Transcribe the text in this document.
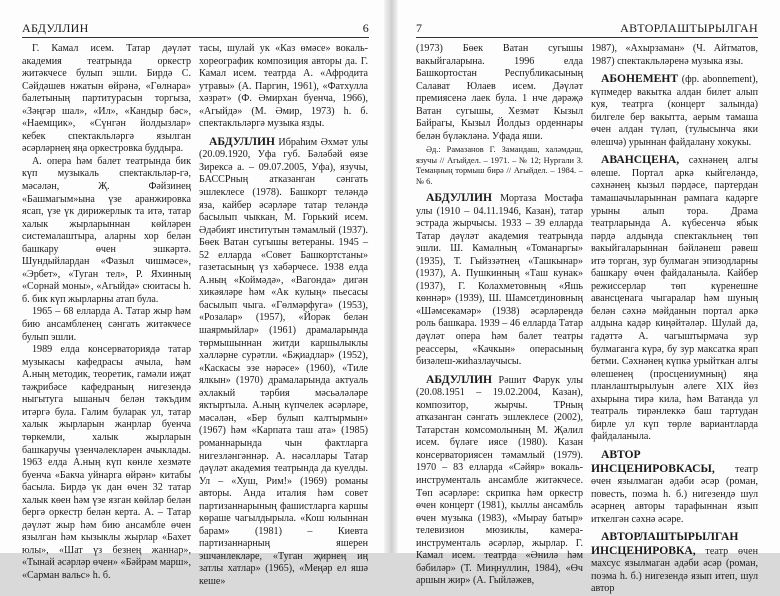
АБДУЛЛИН	6

Г. Камал исем. Татар дәүләт академия театрында оркестр житәкчесе булып эшли. Бирдә С. Сәйдәшев нжатын өйрәнә, «Гөлнара» балетының партитурасын торгыза, «Зәңгәр шал», «Ил», «Кандыр бәс», «Наемщик», «Сүнгән йолдызлар» кебек спектакльләргә язылган әсәрләрнең яңа оркестровка буддыра.

А. опера һәм балет театрында бик күп музыкаль спектакльләр-гә, мәсәлән, Җ. Фәйзинең «Башмагым»ына үзе аранжировка ясап, үзе үк дирижерлык та итә, татар халык жырларыннан көйләрен системалаштыра, аларны хор белән башкару өчен эшкәртә. Шундыйлардан «Фазыл чишмәсе», «Эрбет», «Туган тел», Р. Яхинның «Сорнай моны», «Агыйдә» сюитасы һ. б. бик күп жырларны атап була.

1965 – 68 елларда А. Татар жыр һәм бию ансамбленең сәнгать житәкчесе булып эшли.

1989 елда консерваториядә татар музыкасы кафедрасы ачыла, һәм А.ның методик, теоретик, гамәли иҗат тәҗрибәсе кафедраның нигезендә ныгытуга ышаныч белән тәкъдим итәргә була. Галим буларак ул, татар халык жырларын жанрлар буенча төркемли, халык жырларын башкаручы үзенчәлекләрен ачыклады. 1963 елда А.ның күп көнле хезмәте буенча «Бакча уйнарга өйрән» китабы басыла. Бирдә үк дан өчен 32 татар халык көен һәм үзе язган көйләр белән бергә оркестр белән керта. А. – Татар дәүләт жыр һәм бию ансамбле өчен язылган һәм кызыклы жырлар «Бахет юлы», «Шат үз безнең жаннар», «Тынай әсәрләр өчен» «Бәйрәм марш», «Сарман вальс» һ. б.

тасы, шулай ук «Каз өмәсе» вокаль-хореографик композиция авторы да. Г. Камал исем. театрда А. «Афродита утравы» (А. Паргин, 1961), «Фатхулла хәзрәт» (Ф. Әмирхан буенча, 1966), «Агыйдә» (М. Әмир, 1973) һ. б. спектакльләргә музыка язды.

АБДУЛЛИН Ибраһим Әхмәт улы (20.09.1920, Уфа губ. Бәләбәй өязе Зирексә а. – 09.07.2005, Уфа), язучы, БАССРның атказанган сәнгать эшлеклесе (1978). Башкорт теләндә яза, кайбер әсәрләре татар теләндә басылып чыккан, М. Горький исем. Әдәбият институтын тәмамлый (1937). Бөек Ватан сугышы ветераны. 1945 – 52 елларда «Совет Башкортстаны» газетасының үз хәбәрчесе. 1938 елда А.ның «Коймәдә», «Вагонда» дигән хикәяләре һәм «Ак кулың» пьесасы басылып чыга. «Гөлмәрфуга» (1953), «Розалар» (1957), «Йорәк белән шаярмыйлар» (1961) драмаларында төрмышыннан житди каршылыклы хәлләрне сурәтли. «Бҗиадлар» (1952), «Каскасы эзе нәрәсе» (1960), «Тиле ялкын» (1970) драмаларында актуаль әхлакый тәрбия мәсьәләләре яктыртыла. А.ның күпчелек әсәрләре, мәсәлән, «Бер булып калтырмын» (1967) һәм «Карпата таш ата» (1985) романнарында чын фактларга нигезләнгәннәр. А. нәсәллары Татар дәүләт академия театрында да куелды. Ул – «Хуш, Рим!» (1969) романы авторы. Анда италия һәм совет партизаннарының фашистларга каршы көраше чагылдырыла. «Кош юлыннан барам» (1981) – Киевта партизаннарның яшерен эшчәнлекләре, «Туган җирнең иң затлы хатлар» (1965), «Меңәр ел яшә кеше»

7	АВТОРЛАШТЫРЫЛГАН

(1973) Бөек Ватан сугышы вакыйгаларына. 1996 елда Башкортостан Республикасының Салават Юлаев исем. Дәүләт премиясенә лаек була. 1 нче дәрәҗә Ватан сугышы, Хезмәт Кызыл Байрагы, Кызыл Йолдыз орденнары белән бүләкләнә. Уфада яши.

Әд.: Рамазанов Г. Замандаш, халәмдәш, язучы // Агыйдел. – 1971. – № 12; Нургали З. Темаңның тормыш бирә // Агыйдел. – 1984. – № 6.

АБДУЛЛИН Мортаза Мостафа улы (1910 – 04.11.1946, Казан), татар эстрада жырчысы. 1933 – 39 елларда Татар дәүләт академия театрында эшли. Ш. Камалның «Томанаргы» (1935), Т. Гыйззәтнең «Ташкынар» (1937), А. Пушкинның «Таш кунак» (1937), Г. Колахметовның «Яшь көннәр» (1939), Ш. Шамсетдиновның «Шәмсекамәр» (1938) әсәрләрендә роль башкара. 1939 – 46 елларда Татар дәүләт опера һәм балет театры реассеры, «Качкын» операсының бизәлеш-жиһазлаучысы.

АБДУЛЛИН Рәшит Фарук улы (20.08.1951 – 19.02.2004, Казан), композитор, жырчы. ТРның атказанган сәнгать эшлеклесе (2002), Татарстан комсомолының М. Җәлил исем. бүләге иясе (1980). Казан консерваториясен тәмамлый (1979). 1970 – 83 елларда «Сәйяр» вокаль-инструменталь ансамбле житәкчесе. Төп әсәрләре: скрипка һәм оркестр өчен концерт (1981), кыллы ансамбль өчен музыка (1983), «Мырау батыр» телевизион мюзиклы, камера-инструменталь әсәрләр, жырлар. Г. Камал исем. театрда «Әнилә һәм бәбиләр» (Т. Миңнуллин, 1984), «Өч аршын жир» (А. Гыйләжев,

1987), «Ахырзаман» (Ч. Айтматов, 1987) спектакльләренә музыка язы.

АБОНЕМЕНТ (фр. abonnement), күпмедер вакытка алдан билет алып куя, театрга (концерт залында) билгеле бер вакытта, аерым тамаша өчен алдан түләп, (тулысынча яки өлешчә) урыннан файдалану хокукы.

АВАНСЦЕНА, сәхнәнең алгы өлеше. Портал аркә кыйгеләндә, сәхнәнең кызыл пәрдәсе, партердан тамашачыларыннан рампага кадәрге урыны алып тора. Драма театрларында А. күбесенчә ябык пәрдә алдында спектакльнең төп вакыйгаларыннан бәйләнеш рәвеш итә торган, зур булмаган эпизодларны башкару өчен файдаланыла. Кайбер режиссерлар төп күренешне авансценага чыгаралар һәм шуның белән сәхнә мәйданын портал аркә алдына кадәр киңәйтәләр. Шулай да, гадәттә А. чагыштырмача зур булмаганга күрә, бу зур максатка ярап бетми. Сәхнәнең күпкә урыйткан алгы өлешенең (просцениумның) яңа планлаштырылуын әлеге XIX йөз ахырына тирә кила, һәм Ватанда ул театраль тирәнлеккә баш тартудан бирле ул күп төрле вариантларда файдаланыла.

АВТОР ИНСЦЕНИРОВКАСЫ, театр өчен язылмаган әдәби әсәр (роман, повесть, поэма һ. б.) нигезендә шул әсәрнең авторы тарафыннан язып иткелгән сәхнә әсәре.

АВТОРЛАШТЫРЫЛГАН ИНСЦЕНИРОВКА, театр өчен махсус язылмаган әдәби әсәр (роман, поэма һ. б.) нигезендә язып итеп, шул автор
